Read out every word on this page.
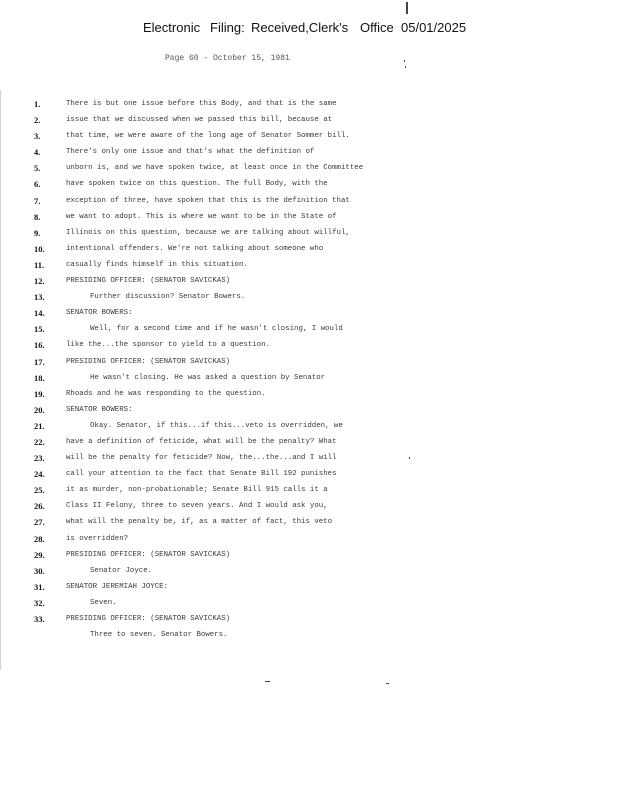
Electronic Filing: Received,Clerk's Office 05/01/2025
Page 60 - October 15, 1981
1.
2.
3.
4.
5.
6.
7.
8.
9.
10.
11.
12.
13.
14.
15.
16.
17.
18.
19.
20.
21.
22.
23.
24.
25.
26.
27.
28.
29.
30.
31.
32.
33.
There is but one issue before this Body, and that is the same
issue that we discussed when we passed this bill, because at
that time, we were aware of the long age of Senator Sommer bill.
There's only one issue and that's what the definition of
unborn is, and we have spoken twice, at least once in the Committee
have spoken twice on this question. The full Body, with the
exception of three, have spoken that this is the definition that
we want to adopt. This is where we want to be in the State of
Illinois on this question, because we are talking about willful,
intentional offenders. We're not talking about someone who
casually finds himself in this situation.
PRESIDING OFFICER: (SENATOR SAVICKAS)
Further discussion? Senator Bowers.
SENATOR BOWERS:
Well, for a second time and if he wasn't closing, I would
like the...the sponsor to yield to a question.
PRESIDING OFFICER: (SENATOR SAVICKAS)
He wasn't closing. He was asked a question by Senator
Rhoads and he was responding to the question.
SENATOR BOWERS:
Okay. Senator, if this...if this...veto is overridden, we
have a definition of feticide, what will be the penalty? What
will be the penalty for feticide? Now, the...the...and I will
call your attention to the fact that Senate Bill 192 punishes
it as murder, non-probationable; Senate Bill 915 calls it a
Class II Felony, three to seven years. And I would ask you,
what will the penalty be, if, as a matter of fact, this veto
is overridden?
PRESIDING OFFICER: (SENATOR SAVICKAS)
Senator Joyce.
SENATOR JEREMIAH JOYCE:
Seven.
PRESIDING OFFICER: (SENATOR SAVICKAS)
Three to seven. Senator Bowers.
